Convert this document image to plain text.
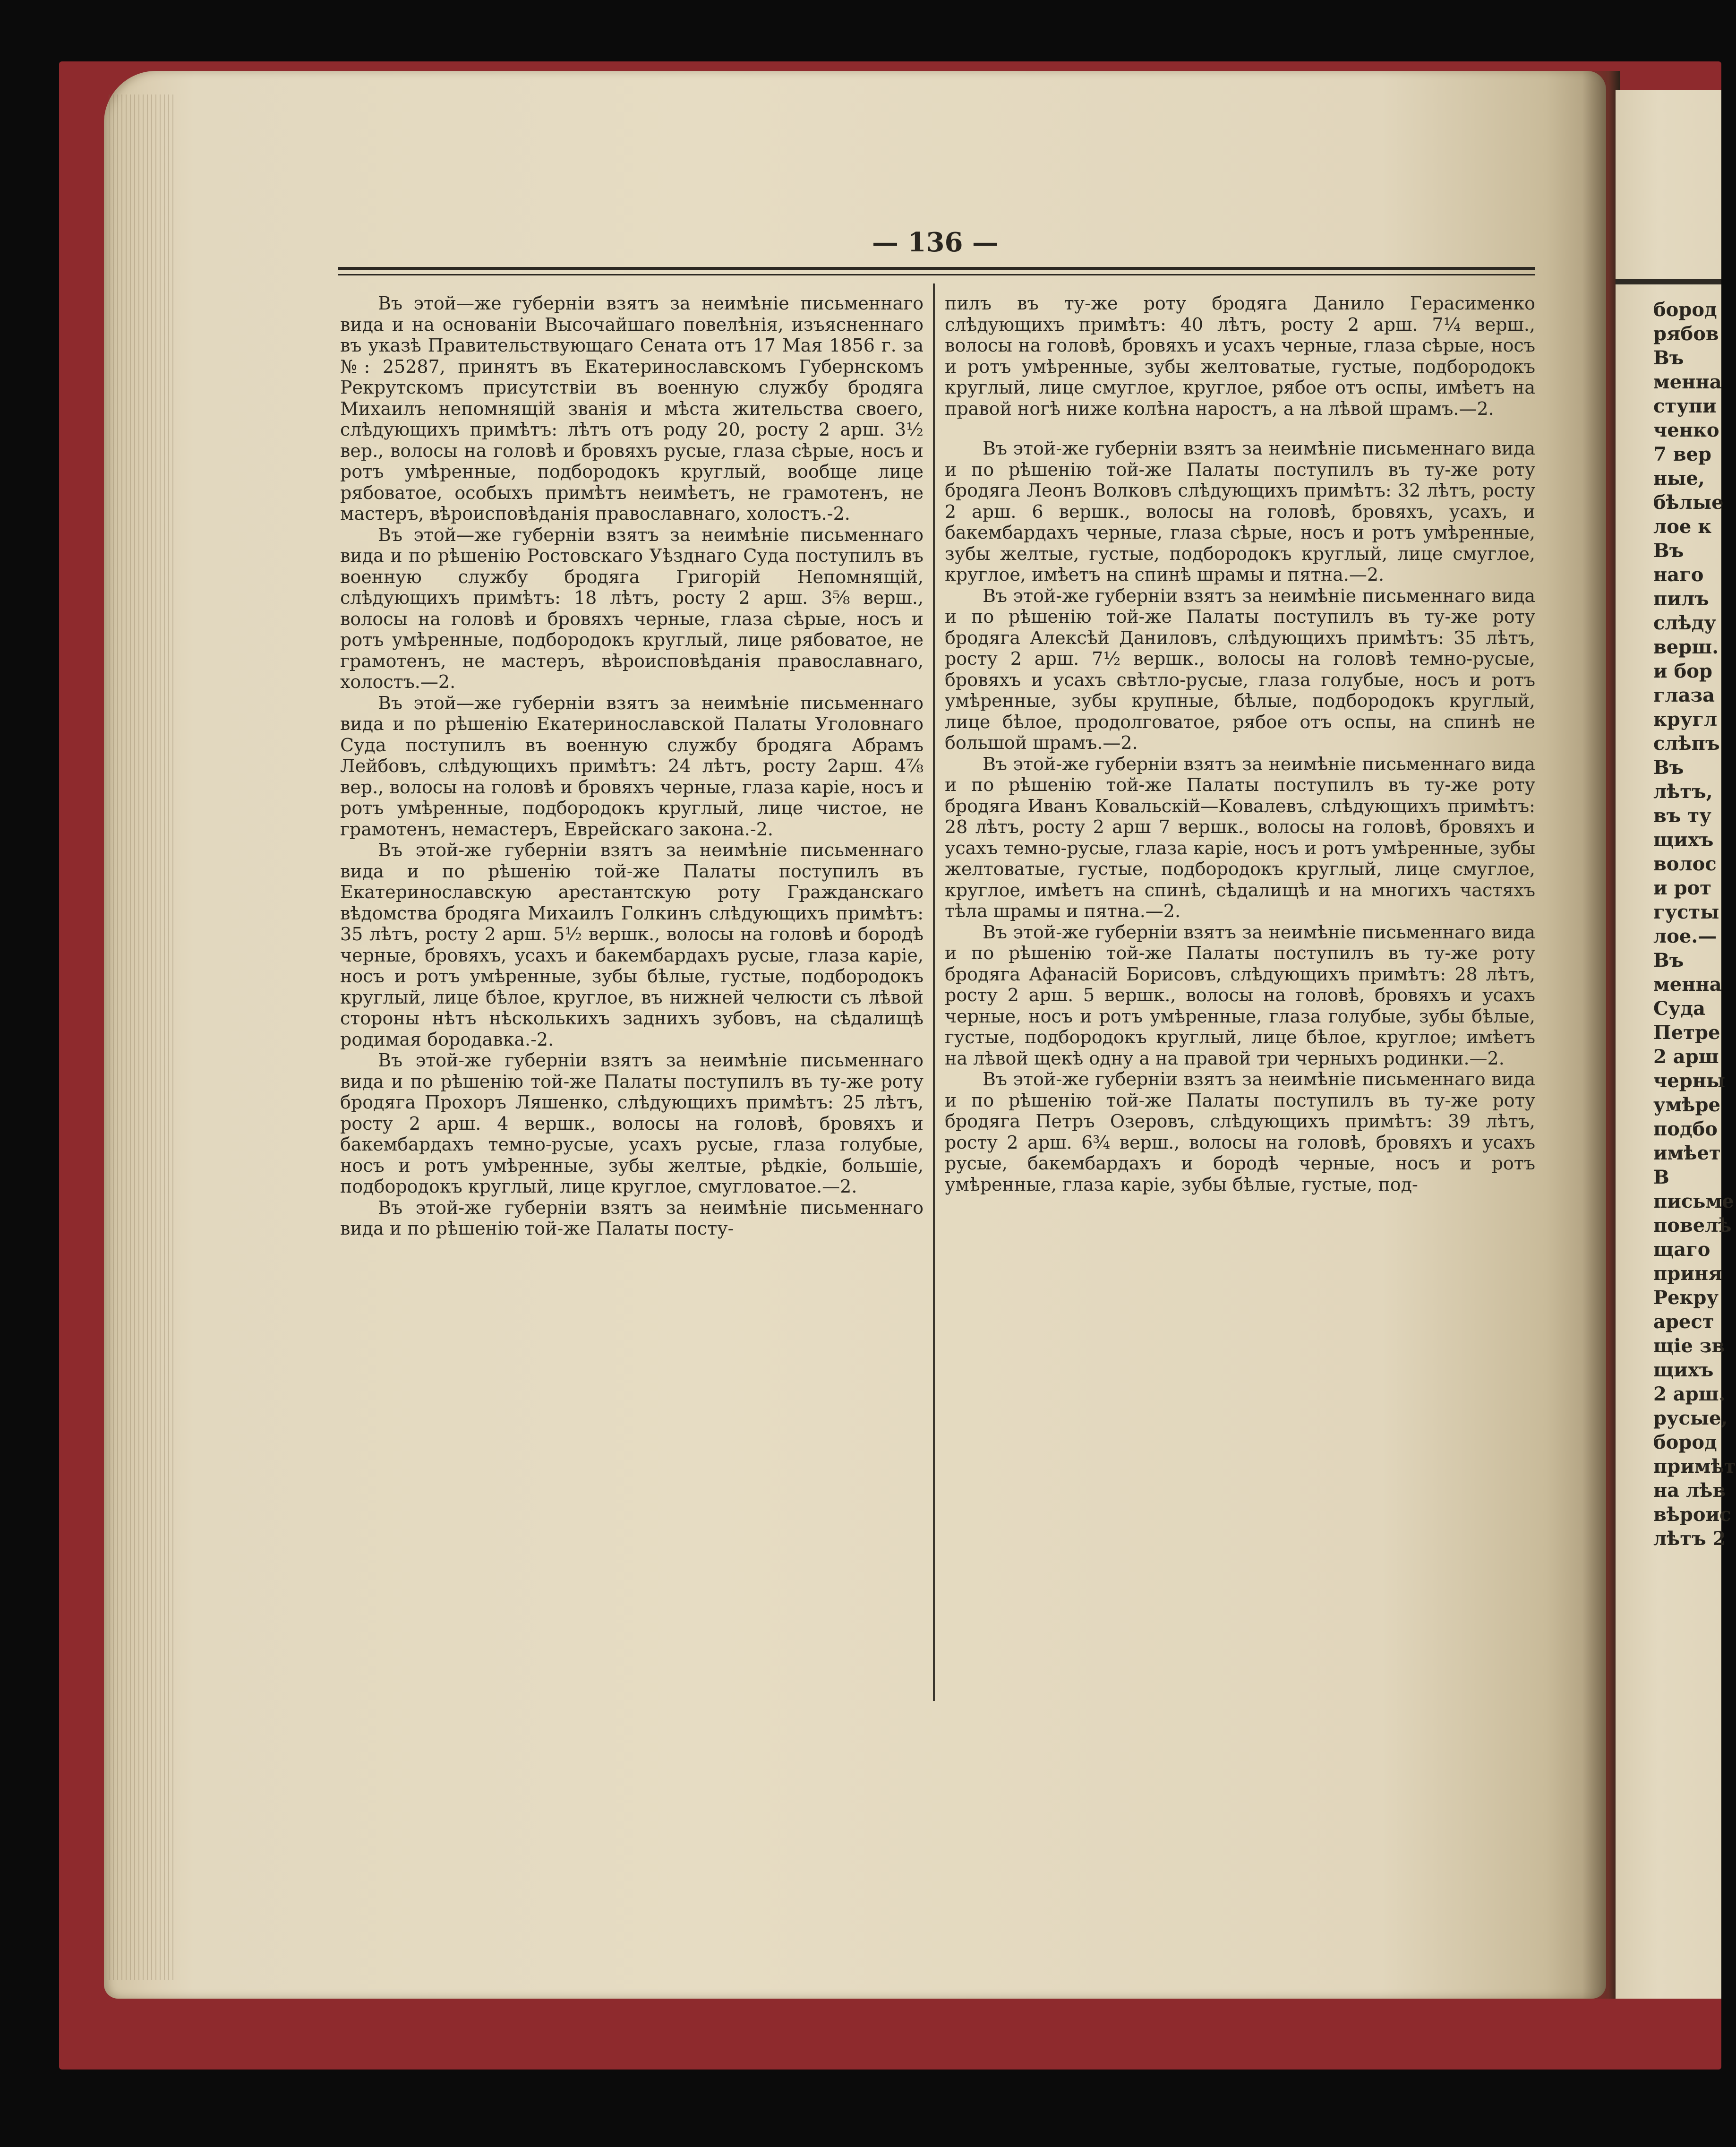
бород
рябов
Въ
менна
ступи
ченко
7 вер
ные,
бѣлые
лое к
Въ
наго
пилъ
слѣду
верш.
и бор
глаза
кругл
слѣпъ
Въ
лѣтъ,
въ ту
щихъ
волос
и рот
густы
лое.—
Въ
менна
Суда
Петре
2 арш
черны
умѣре
подбо
имѣет
В
письме
повелѣ
щаго
приня
Рекру
арест
щіе зв
щихъ
2 арш.
русые,
бород
примѣт
на лѣв
вѣроис
лѣтъ 2
— 136 —

Въ этой—же губерніи взятъ за неимѣніе письменнаго вида и на основаніи Высочайшаго повелѣнія, изъясненнаго въ указѣ Правительствующаго Сената отъ 17 Мая 1856 г. за №: 25287, принятъ въ Екатеринославскомъ Губернскомъ Рекрутскомъ присутствіи въ военную службу бродяга Михаилъ непомнящій званія и мѣста жительства своего, слѣдующихъ примѣтъ: лѣтъ отъ роду 20, росту 2 арш. 3½ вер., волосы на головѣ и бровяхъ русые, глаза сѣрые, носъ и ротъ умѣренные, подбородокъ круглый, вообще лице рябоватое, особыхъ примѣтъ неимѣетъ, не грамотенъ, не мастеръ, вѣроисповѣданія православнаго, холостъ.-2.

Въ этой—же губерніи взятъ за неимѣніе письменнаго вида и по рѣшенію Ростовскаго Уѣзднаго Суда поступилъ въ военную службу бродяга Григорій Непомнящій, слѣдующихъ примѣтъ: 18 лѣтъ, росту 2 арш. 3⅝ верш., волосы на головѣ и бровяхъ черные, глаза сѣрые, носъ и ротъ умѣренные, подбородокъ круглый, лице рябоватое, не грамотенъ, не мастеръ, вѣроисповѣданія православнаго, холостъ.—2.

Въ этой—же губерніи взятъ за неимѣніе письменнаго вида и по рѣшенію Екатеринославской Палаты Уголовнаго Суда поступилъ въ военную службу бродяга Абрамъ Лейбовъ, слѣдующихъ примѣтъ: 24 лѣтъ, росту 2арш. 4⅞ вер., волосы на головѣ и бровяхъ черные, глаза каріе, носъ и ротъ умѣренные, подбородокъ круглый, лице чистое, не грамотенъ, немастеръ, Еврейскаго закона.-2.

Въ этой-же губерніи взятъ за неимѣніе письменнаго вида и по рѣшенію той-же Палаты поступилъ въ Екатеринославскую арестантскую роту Гражданскаго вѣдомства бродяга Михаилъ Голкинъ слѣдующихъ примѣтъ: 35 лѣтъ, росту 2 арш. 5½ вершк., волосы на головѣ и бородѣ черные, бровяхъ, усахъ и бакембардахъ русые, глаза каріе, носъ и ротъ умѣренные, зубы бѣлые, густые, подбородокъ круглый, лице бѣлое, круглое, въ нижней челюсти съ лѣвой стороны нѣтъ нѣсколькихъ заднихъ зубовъ, на сѣдалищѣ родимая бородавка.-2.

Въ этой-же губерніи взятъ за неимѣніе письменнаго вида и по рѣшенію той-же Палаты поступилъ въ ту-же роту бродяга Прохоръ Ляшенко, слѣдующихъ примѣтъ: 25 лѣтъ, росту 2 арш. 4 вершк., волосы на головѣ, бровяхъ и бакембардахъ темно-русые, усахъ русые, глаза голубые, носъ и ротъ умѣренные, зубы желтые, рѣдкіе, большіе, подбородокъ круглый, лице круглое, смугловатое.—2.

Въ этой-же губерніи взятъ за неимѣніе письменнаго вида и по рѣшенію той-же Палаты посту-

пилъ въ ту-же роту бродяга Данило Герасименко слѣдующихъ примѣтъ: 40 лѣтъ, росту 2 арш. 7¼ верш., волосы на головѣ, бровяхъ и усахъ черные, глаза сѣрые, носъ и ротъ умѣренные, зубы желтоватые, густые, подбородокъ круглый, лице смуглое, круглое, рябое отъ оспы, имѣетъ на правой ногѣ ниже колѣна наростъ, а на лѣвой шрамъ.—2.

Въ этой-же губерніи взятъ за неимѣніе письменнаго вида и по рѣшенію той-же Палаты поступилъ въ ту-же роту бродяга Леонъ Волковъ слѣдующихъ примѣтъ: 32 лѣтъ, росту 2 арш. 6 вершк., волосы на головѣ, бровяхъ, усахъ, и бакембардахъ черные, глаза сѣрые, носъ и ротъ умѣренные, зубы желтые, густые, подбородокъ круглый, лице смуглое, круглое, имѣетъ на спинѣ шрамы и пятна.—2.

Въ этой-же губерніи взятъ за неимѣніе письменнаго вида и по рѣшенію той-же Палаты поступилъ въ ту-же роту бродяга Алексѣй Даниловъ, слѣдующихъ примѣтъ: 35 лѣтъ, росту 2 арш. 7½ вершк., волосы на головѣ темно-русые, бровяхъ и усахъ свѣтло-русые, глаза голубые, носъ и ротъ умѣренные, зубы крупные, бѣлые, подбородокъ круглый, лице бѣлое, продолговатое, рябое отъ оспы, на спинѣ не большой шрамъ.—2.

Въ этой-же губерніи взятъ за неимѣніе письменнаго вида и по рѣшенію той-же Палаты поступилъ въ ту-же роту бродяга Иванъ Ковальскій—Ковалевъ, слѣдующихъ примѣтъ: 28 лѣтъ, росту 2 арш 7 вершк., волосы на головѣ, бровяхъ и усахъ темно-русые, глаза каріе, носъ и ротъ умѣренные, зубы желтоватые, густые, подбородокъ круглый, лице смуглое, круглое, имѣетъ на спинѣ, сѣдалищѣ и на многихъ частяхъ тѣла шрамы и пятна.—2.

Въ этой-же губерніи взятъ за неимѣніе письменнаго вида и по рѣшенію той-же Палаты поступилъ въ ту-же роту бродяга Афанасій Борисовъ, слѣдующихъ примѣтъ: 28 лѣтъ, росту 2 арш. 5 вершк., волосы на головѣ, бровяхъ и усахъ черные, носъ и ротъ умѣренные, глаза голубые, зубы бѣлые, густые, подбородокъ круглый, лице бѣлое, круглое; имѣетъ на лѣвой щекѣ одну а на правой три черныхъ родинки.—2.

Въ этой-же губерніи взятъ за неимѣніе письменнаго вида и по рѣшенію той-же Палаты поступилъ въ ту-же роту бродяга Петръ Озеровъ, слѣдующихъ примѣтъ: 39 лѣтъ, росту 2 арш. 6¾ верш., волосы на головѣ, бровяхъ и усахъ русые, бакембардахъ и бородѣ черные, носъ и ротъ умѣренные, глаза каріе, зубы бѣлые, густые, под-
